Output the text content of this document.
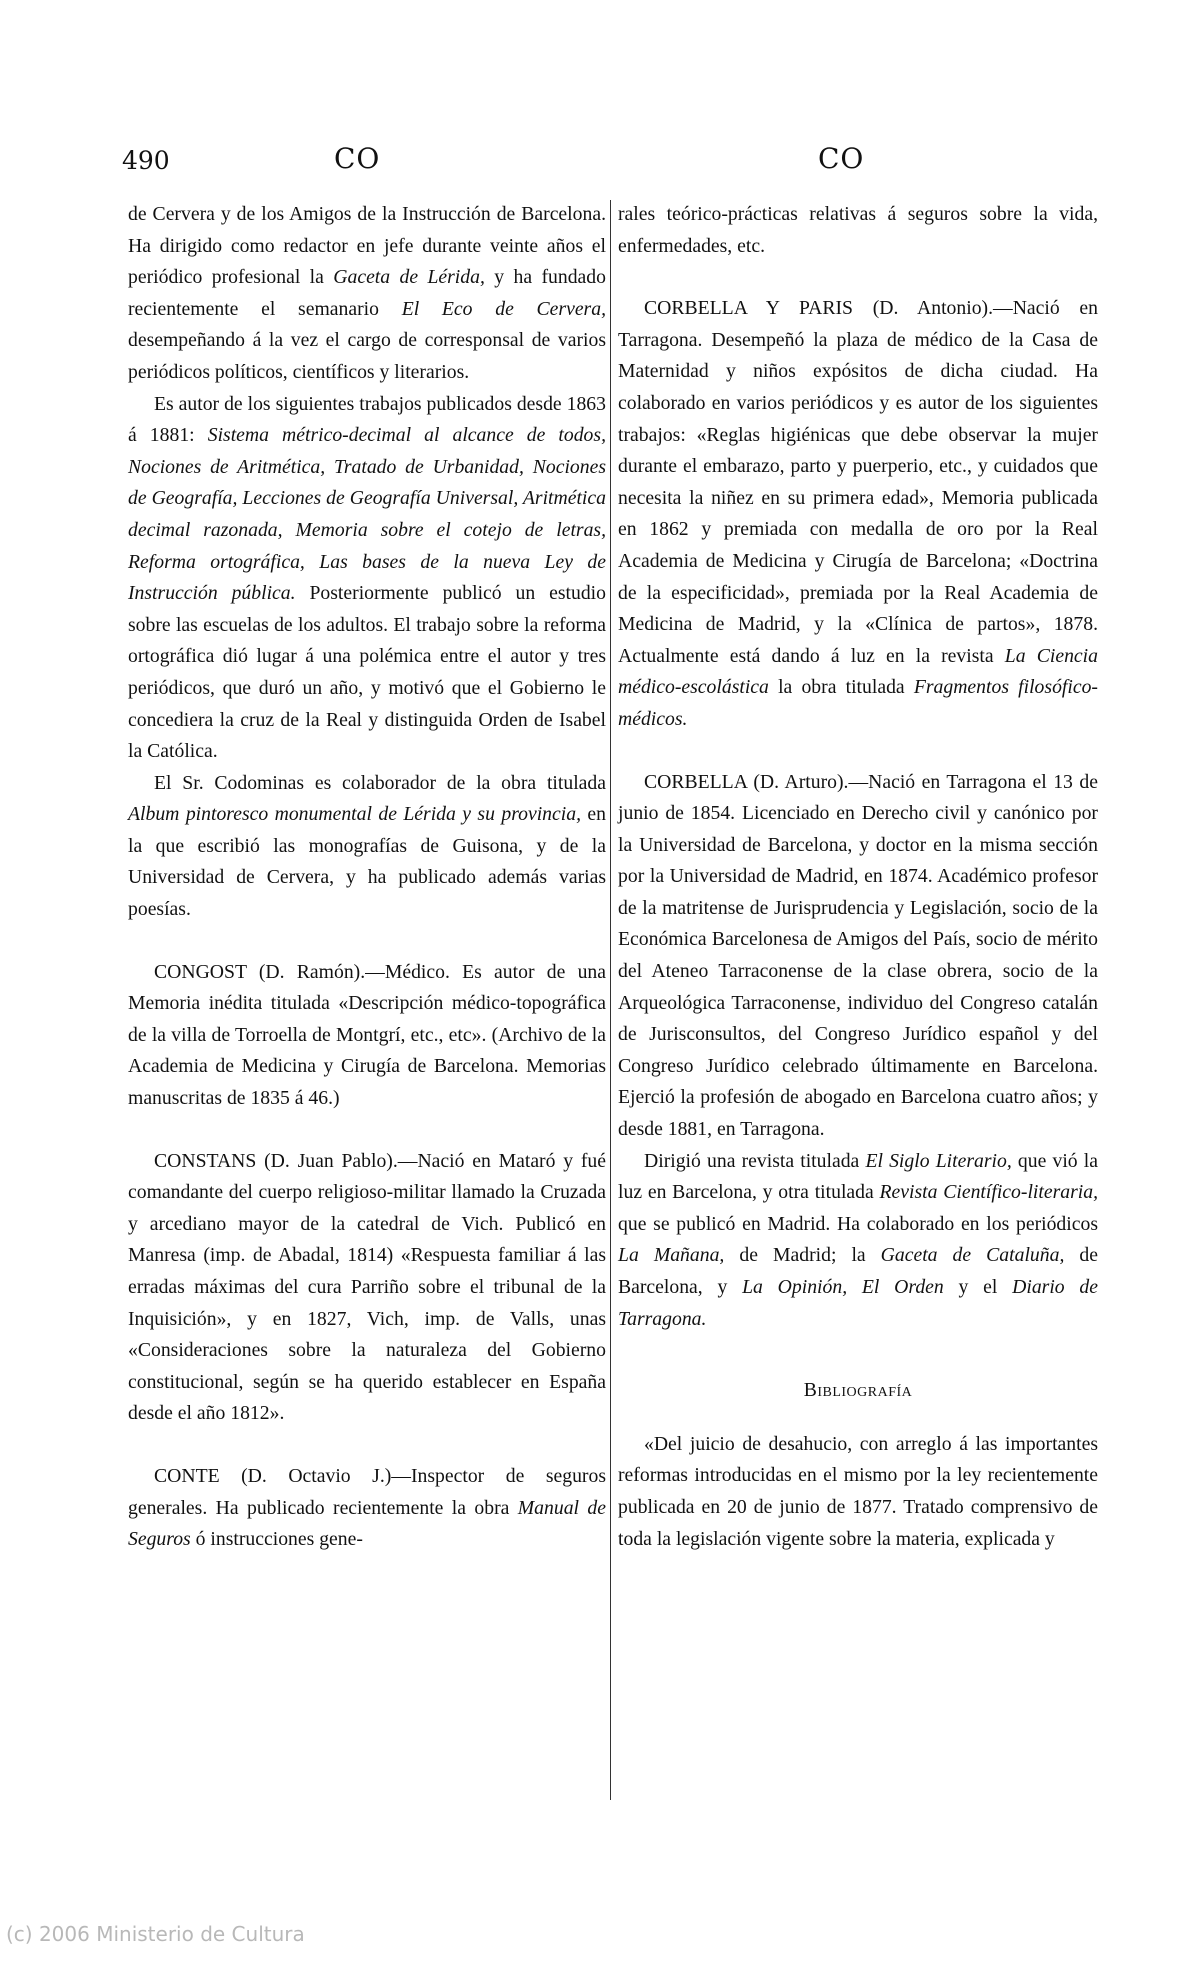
490	CO	CO

de Cervera y de los Amigos de la Instrucción de Barcelona. Ha dirigido como redactor en jefe durante veinte años el periódico profesional la Gaceta de Lérida, y ha fundado recientemente el semanario El Eco de Cervera, desempeñando á la vez el cargo de corresponsal de varios periódicos políticos, científicos y literarios.

Es autor de los siguientes trabajos publicados desde 1863 á 1881: Sistema métrico-decimal al alcance de todos, Nociones de Aritmética, Tratado de Urbanidad, Nociones de Geografía, Lecciones de Geografía Universal, Aritmética decimal razonada, Memoria sobre el cotejo de letras, Reforma ortográfica, Las bases de la nueva Ley de Instrucción pública. Posteriormente publicó un estudio sobre las escuelas de los adultos. El trabajo sobre la reforma ortográfica dió lugar á una polémica entre el autor y tres periódicos, que duró un año, y motivó que el Gobierno le concediera la cruz de la Real y distinguida Orden de Isabel la Católica.

El Sr. Codominas es colaborador de la obra titulada Album pintoresco monumental de Lérida y su provincia, en la que escribió las monografías de Guisona, y de la Universidad de Cervera, y ha publicado además varias poesías.

CONGOST (D. Ramón).—Médico. Es autor de una Memoria inédita titulada «Descripción médico-topográfica de la villa de Torroella de Montgrí, etc., etc». (Archivo de la Academia de Medicina y Cirugía de Barcelona. Memorias manuscritas de 1835 á 46.)

CONSTANS (D. Juan Pablo).—Nació en Mataró y fué comandante del cuerpo religioso-militar llamado la Cruzada y arcediano mayor de la catedral de Vich. Publicó en Manresa (imp. de Abadal, 1814) «Respuesta familiar á las erradas máximas del cura Parriño sobre el tribunal de la Inquisición», y en 1827, Vich, imp. de Valls, unas «Consideraciones sobre la naturaleza del Gobierno constitucional, según se ha querido establecer en España desde el año 1812».

CONTE (D. Octavio J.)—Inspector de seguros generales. Ha publicado recientemente la obra Manual de Seguros ó instrucciones gene-

rales teórico-prácticas relativas á seguros sobre la vida, enfermedades, etc.

CORBELLA Y PARIS (D. Antonio).—Nació en Tarragona. Desempeñó la plaza de médico de la Casa de Maternidad y niños expósitos de dicha ciudad. Ha colaborado en varios periódicos y es autor de los siguientes trabajos: «Reglas higiénicas que debe observar la mujer durante el embarazo, parto y puerperio, etc., y cuidados que necesita la niñez en su primera edad», Memoria publicada en 1862 y premiada con medalla de oro por la Real Academia de Medicina y Cirugía de Barcelona; «Doctrina de la especificidad», premiada por la Real Academia de Medicina de Madrid, y la «Clínica de partos», 1878. Actualmente está dando á luz en la revista La Ciencia médico-escolástica la obra titulada Fragmentos filosófico-médicos.

CORBELLA (D. Arturo).—Nació en Tarragona el 13 de junio de 1854. Licenciado en Derecho civil y canónico por la Universidad de Barcelona, y doctor en la misma sección por la Universidad de Madrid, en 1874. Académico profesor de la matritense de Jurisprudencia y Legislación, socio de la Económica Barcelonesa de Amigos del País, socio de mérito del Ateneo Tarraconense de la clase obrera, socio de la Arqueológica Tarraconense, individuo del Congreso catalán de Jurisconsultos, del Congreso Jurídico español y del Congreso Jurídico celebrado últimamente en Barcelona. Ejerció la profesión de abogado en Barcelona cuatro años; y desde 1881, en Tarragona.

Dirigió una revista titulada El Siglo Literario, que vió la luz en Barcelona, y otra titulada Revista Científico-literaria, que se publicó en Madrid. Ha colaborado en los periódicos La Mañana, de Madrid; la Gaceta de Cataluña, de Barcelona, y La Opinión, El Orden y el Diario de Tarragona.

Bibliografía

«Del juicio de desahucio, con arreglo á las importantes reformas introducidas en el mismo por la ley recientemente publicada en 20 de junio de 1877. Tratado comprensivo de toda la legislación vigente sobre la materia, explicada y

(c) 2006 Ministerio de Cultura
